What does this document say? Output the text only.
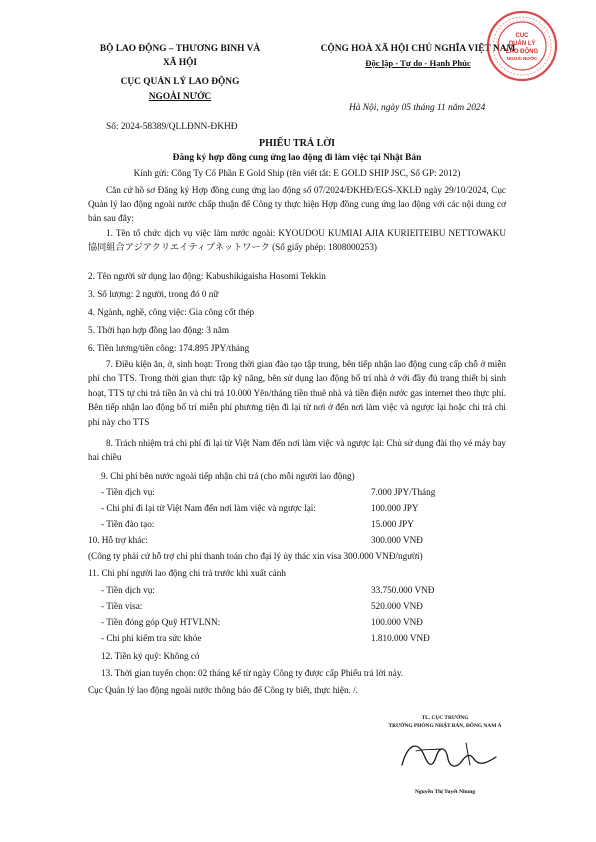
BỘ LAO ĐỘNG – THƯƠNG BINH VÀ
XÃ HỘI
CỤC QUẢN LÝ LAO ĐỘNG
NGOÀI NƯỚC
Số: 2024-58389/QLLĐNN-ĐKHĐ
CỘNG HOÀ XÃ HỘI CHỦ NGHĨA VIỆT NAM
Độc lập - Tự do - Hạnh Phúc
Hà Nội, ngày 05 tháng 11 năm 2024
CỤC
QUẢN LÝ
LAO ĐỘNG
NGOÀI NƯỚC
PHIẾU TRẢ LỜI
Đăng ký hợp đồng cung ứng lao động đi làm việc tại Nhật Bản
Kính gửi: Công Ty Cổ Phần E Gold Ship (tên viết tắt: E GOLD SHIP JSC, Số GP: 2012)
Căn cứ hồ sơ Đăng ký Hợp đồng cung ứng lao động số 07/2024/ĐKHĐ/EGS-XKLĐ ngày 29/10/2024, Cục Quản lý lao động ngoài nước chấp thuận để Công ty thực hiện Hợp đồng cung ứng lao động với các nội dung cơ bản sau đây:
1. Tên tổ chức dịch vụ việc làm nước ngoài: KYOUDOU KUMIAI AJIA KURIEITEIBU NETTOWAKU 協同組合アジアクリエイティブネットワーク (Số giấy phép: 1808000253)
2. Tên người sử dụng lao động: Kabushikigaisha Hosomi Tekkin
3. Số lượng: 2 người, trong đó 0 nữ
4. Ngành, nghề, công việc: Gia công cốt thép
5. Thời hạn hợp đồng lao động: 3 năm
6. Tiền lương/tiền công: 174.895 JPY/tháng
7. Điều kiện ăn, ở, sinh hoạt: Trong thời gian đào tạo tập trung, bên tiếp nhận lao động cung cấp chỗ ở miễn phí cho TTS. Trong thời gian thực tập kỹ năng, bên sử dụng lao động bố trí nhà ở với đầy đủ trang thiết bị sinh hoạt, TTS tự chi trả tiền ăn và chi trả 10.000 Yên/tháng tiền thuê nhà và tiền điện nước gas internet theo thực phí. Bên tiếp nhận lao động bố trí miễn phí phương tiện đi lại từ nơi ở đến nơi làm việc và ngược lại hoặc chi trả chi phí này cho TTS
8. Trách nhiệm trả chi phí đi lại từ Việt Nam đến nơi làm việc và ngược lại: Chủ sử dụng đài thọ vé máy bay hai chiều
9. Chi phí bên nước ngoài tiếp nhận chi trả (cho mỗi người lao động)
- Tiền dịch vụ:	7.000 JPY/Tháng
- Chi phí đi lại từ Việt Nam đến nơi làm việc và ngược lại:	100.000 JPY
- Tiền đào tạo:	15.000 JPY
10. Hỗ trợ khác:	300.000 VNĐ
(Công ty phải cứ hỗ trợ chi phí thanh toán cho đại lý ủy thác xin visa 300.000 VNĐ/người)
11. Chi phí người lao động chi trả trước khi xuất cảnh
- Tiền dịch vụ:	33.750.000 VNĐ
- Tiền visa:	520.000 VNĐ
- Tiền đóng góp Quỹ HTVLNN:	100.000 VNĐ
- Chi phí kiểm tra sức khỏe	1.810.000 VNĐ
12. Tiền ký quỹ: Không có
13. Thời gian tuyển chọn: 02 tháng kể từ ngày Công ty được cấp Phiếu trả lời này.
Cục Quản lý lao động ngoài nước thông báo để Công ty biết, thực hiện. /.
TL. CỤC TRƯỞNG
TRƯỞNG PHÒNG NHẬT BẢN, ĐÔNG NAM Á
Nguyễn Thị Tuyết Nhung
